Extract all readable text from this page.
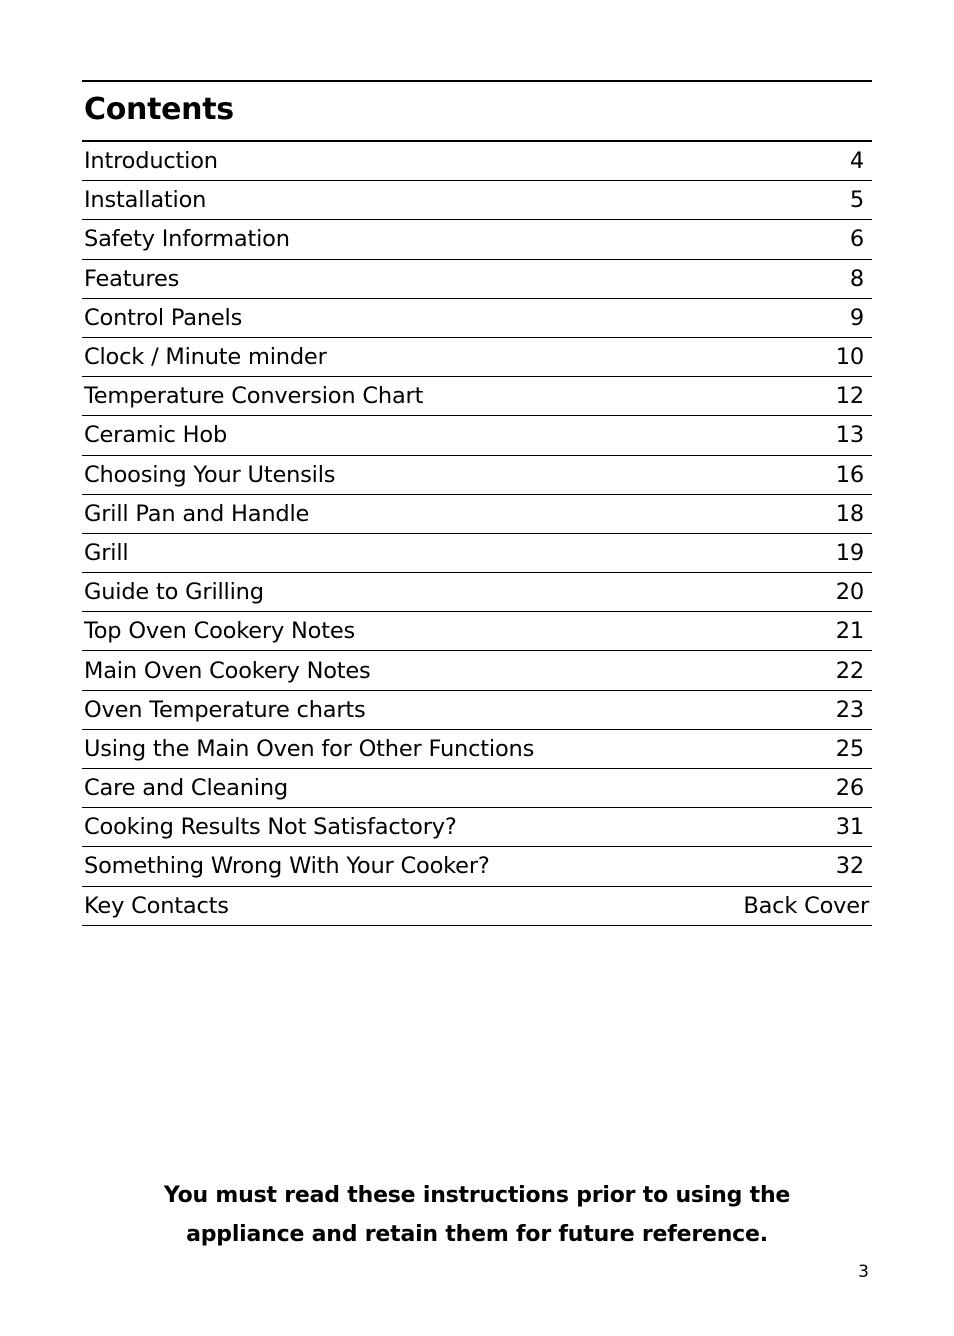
Contents
Introduction	4
Installation	5
Safety Information	6
Features	8
Control Panels	9
Clock / Minute minder	10
Temperature Conversion Chart	12
Ceramic Hob	13
Choosing Your Utensils	16
Grill Pan and Handle	18
Grill	19
Guide to Grilling	20
Top Oven Cookery Notes	21
Main Oven Cookery Notes	22
Oven Temperature charts	23
Using the Main Oven for Other Functions	25
Care and Cleaning	26
Cooking Results Not Satisfactory?	31
Something Wrong With Your Cooker?	32
Key Contacts	Back Cover
You must read these instructions prior to using the
appliance and retain them for future reference.
3
